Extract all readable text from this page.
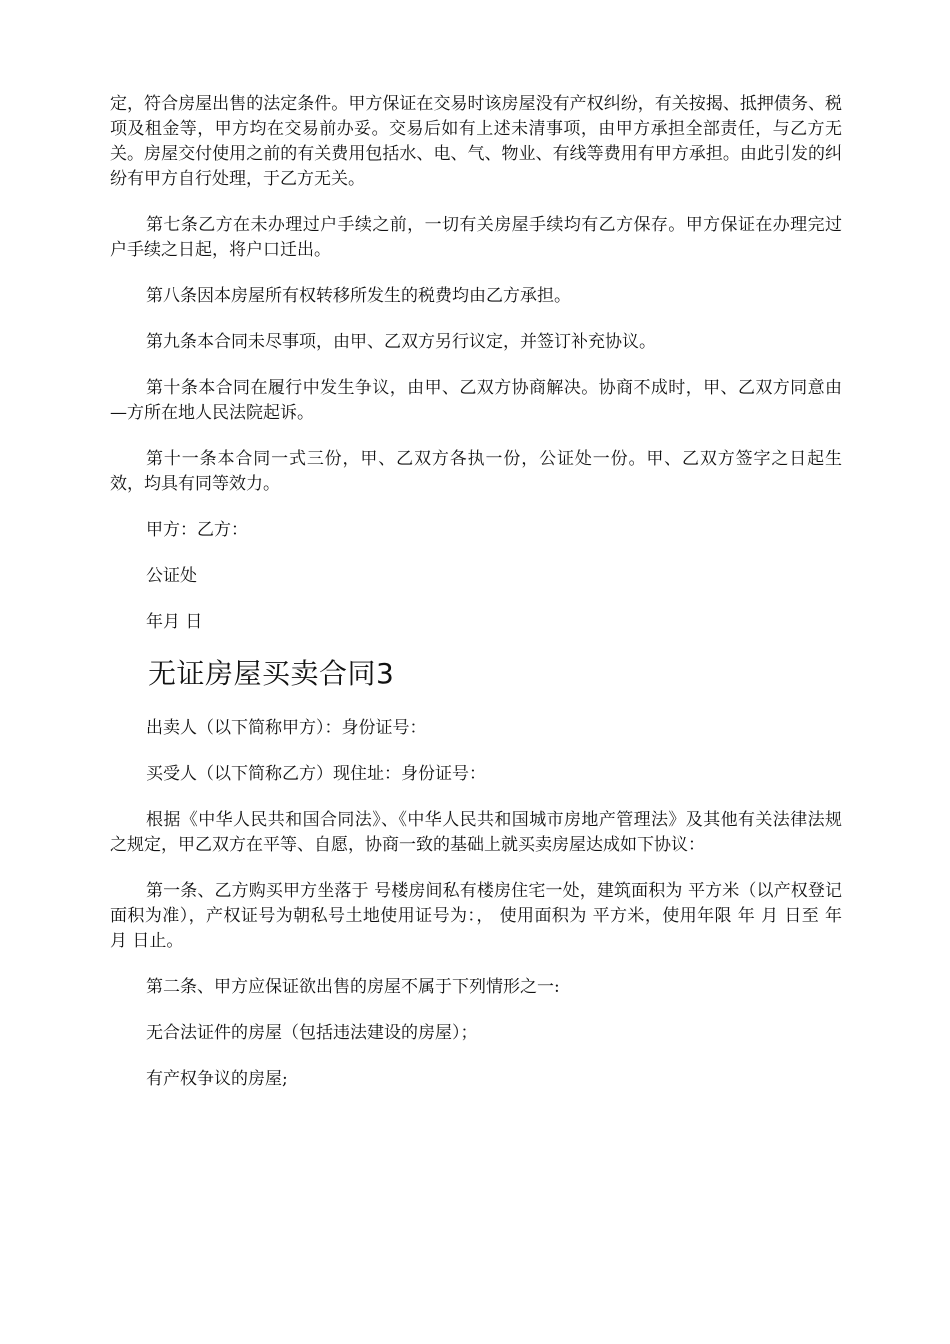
定，符合房屋出售的法定条件。甲方保证在交易时该房屋没有产权纠纷，有关按揭、抵押债务、税项及租金等，甲方均在交易前办妥。交易后如有上述未清事项，由甲方承担全部责任，与乙方无关。房屋交付使用之前的有关费用包括水、电、气、物业、有线等费用有甲方承担。由此引发的纠纷有甲方自行处理，于乙方无关。

第七条乙方在未办理过户手续之前，一切有关房屋手续均有乙方保存。甲方保证在办理完过户手续之日起，将户口迁出。

第八条因本房屋所有权转移所发生的税费均由乙方承担。

第九条本合同未尽事项，由甲、乙双方另行议定，并签订补充协议。

第十条本合同在履行中发生争议，由甲、乙双方协商解决。协商不成时，甲、乙双方同意由—方所在地人民法院起诉。

第十一条本合同一式三份，甲、乙双方各执一份，公证处一份。甲、乙双方签字之日起生效，均具有同等效力。

甲方：乙方：

公证处

年月 日

无证房屋买卖合同3

出卖人（以下简称甲方）：身份证号：

买受人（以下简称乙方）现住址：身份证号：

根据《中华人民共和国合同法》、《中华人民共和国城市房地产管理法》及其他有关法律法规之规定，甲乙双方在平等、自愿，协商一致的基础上就买卖房屋达成如下协议：

第一条、乙方购买甲方坐落于 号楼房间私有楼房住宅一处，建筑面积为 平方米（以产权登记面积为准），产权证号为朝私号土地使用证号为：， 使用面积为 平方米，使用年限 年 月 日至 年 月 日止。

第二条、甲方应保证欲出售的房屋不属于下列情形之一:

无合法证件的房屋（包括违法建设的房屋）；

有产权争议的房屋;
